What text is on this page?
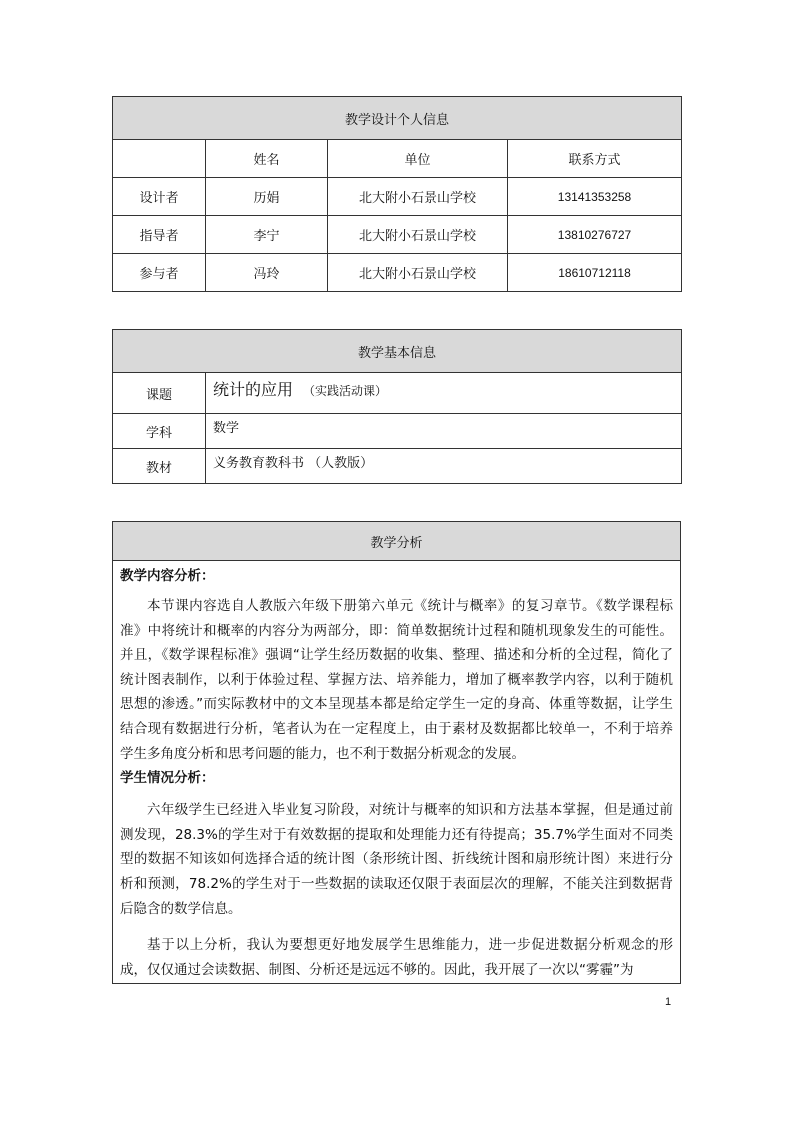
教学设计个人信息			
	姓名	单位	联系方式
设计者	历娟	北大附小石景山学校	13141353258
指导者	李宁	北大附小石景山学校	13810276727
参与者	冯玲	北大附小石景山学校	18610712118
教学基本信息	
课题	统计的应用 （实践活动课）
学科	数学
教材	义务教育教科书 （人教版）
教学分析

教学内容分析：

本节课内容选自人教版六年级下册第六单元《统计与概率》的复习章节。《数学课程标准》中将统计和概率的内容分为两部分，即：简单数据统计过程和随机现象发生的可能性。并且，《数学课程标准》强调“让学生经历数据的收集、整理、描述和分析的全过程，简化了统计图表制作，以利于体验过程、掌握方法、培养能力，增加了概率教学内容，以利于随机思想的渗透。”而实际教材中的文本呈现基本都是给定学生一定的身高、体重等数据，让学生结合现有数据进行分析，笔者认为在一定程度上，由于素材及数据都比较单一，不利于培养学生多角度分析和思考问题的能力，也不利于数据分析观念的发展。

学生情况分析：

六年级学生已经进入毕业复习阶段，对统计与概率的知识和方法基本掌握，但是通过前测发现，28.3%的学生对于有效数据的提取和处理能力还有待提高；35.7%学生面对不同类型的数据不知该如何选择合适的统计图（条形统计图、折线统计图和扇形统计图）来进行分析和预测，78.2%的学生对于一些数据的读取还仅限于表面层次的理解，不能关注到数据背后隐含的数学信息。

基于以上分析，我认为要想更好地发展学生思维能力，进一步促进数据分析观念的形成，仅仅通过会读数据、制图、分析还是远远不够的。因此，我开展了一次以“雾霾”为

1
